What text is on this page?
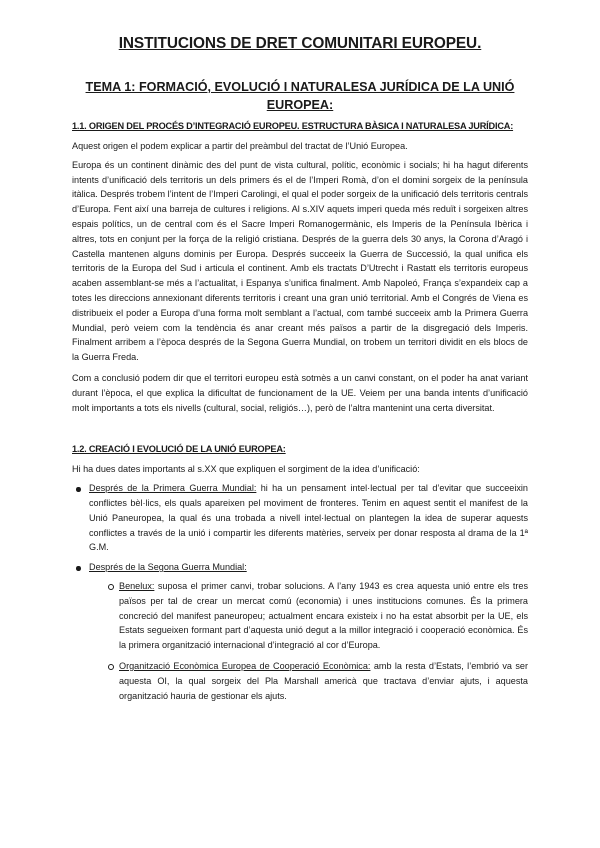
INSTITUCIONS DE DRET COMUNITARI EUROPEU.
TEMA 1: FORMACIÓ, EVOLUCIÓ I NATURALESA JURÍDICA DE LA UNIÓ EUROPEA:
1.1. ORIGEN DEL PROCÉS D’INTEGRACIÓ EUROPEU. ESTRUCTURA BÀSICA I NATURALESA JURÍDICA:

Aquest origen el podem explicar a partir del preàmbul del tractat de l’Unió Europea.

Europa és un continent dinàmic des del punt de vista cultural, polític, econòmic i socials; hi ha hagut diferents intents d’unificació dels territoris un dels primers és el de l’Imperi Romà, d’on el domini sorgeix de la península itàlica. Després trobem l’intent de l’Imperi Carolingi, el qual el poder sorgeix de la unificació dels territoris centrals d’Europa. Fent així una barreja de cultures i religions. Al s.XIV aquets imperi queda més reduït i sorgeixen altres espais polítics, un de central com és el Sacre Imperi Romanogermànic, els Imperis de la Península Ibèrica i altres, tots en conjunt per la força de la religió cristiana. Després de la guerra dels 30 anys, la Corona d’Aragó i Castella mantenen alguns dominis per Europa. Després succeeix la Guerra de Successió, la qual unifica els territoris de la Europa del Sud i articula el continent. Amb els tractats D’Utrecht i Rastatt els territoris europeus acaben assemblant-se més a l’actualitat, i Espanya s’unifica finalment. Amb Napoleó, França s’expandeix cap a totes les direccions annexionant diferents territoris i creant una gran unió territorial. Amb el Congrés de Viena es distribueix el poder a Europa d’una forma molt semblant a l’actual, com també succeeix amb la Primera Guerra Mundial, però veiem com la tendència és anar creant més països a partir de la disgregació dels Imperis. Finalment arribem a l’època després de la Segona Guerra Mundial, on trobem un territori dividit en els blocs de la Guerra Freda.

Com a conclusió podem dir que el territori europeu està sotmès a un canvi constant, on el poder ha anat variant durant l’època, el que explica la dificultat de funcionament de la UE. Veiem per una banda intents d’unificació molt importants a tots els nivells (cultural, social, religiós…), però de l’altra mantenint una certa diversitat.

1.2. CREACIÓ I EVOLUCIÓ DE LA UNIÓ EUROPEA:

Hi ha dues dates importants al s.XX que expliquen el sorgiment de la idea d’unificació:

Després de la Primera Guerra Mundial: hi ha un pensament intel·lectual per tal d’evitar que succeeixin conflictes bèl·lics, els quals apareixen pel moviment de fronteres. Tenim en aquest sentit el manifest de la Unió Paneuropea, la qual és una trobada a nivell intel·lectual on plantegen la idea de superar aquests conflictes a través de la unió i compartir les diferents matèries, serveix per donar resposta al drama de la 1ª G.M.

Després de la Segona Guerra Mundial:

Benelux: suposa el primer canvi, trobar solucions. A l’any 1943 es crea aquesta unió entre els tres països per tal de crear un mercat comú (economia) i unes institucions comunes. És la primera concreció del manifest paneuropeu; actualment encara existeix i no ha estat absorbit per la UE, els Estats segueixen formant part d’aquesta unió degut a la millor integració i cooperació econòmica. És la primera organització internacional d’integració al cor d’Europa.

Organització Econòmica Europea de Cooperació Econòmica: amb la resta d’Estats, l’embrió va ser aquesta OI, la qual sorgeix del Pla Marshall americà que tractava d’enviar ajuts, i aquesta organització hauria de gestionar els ajuts.
